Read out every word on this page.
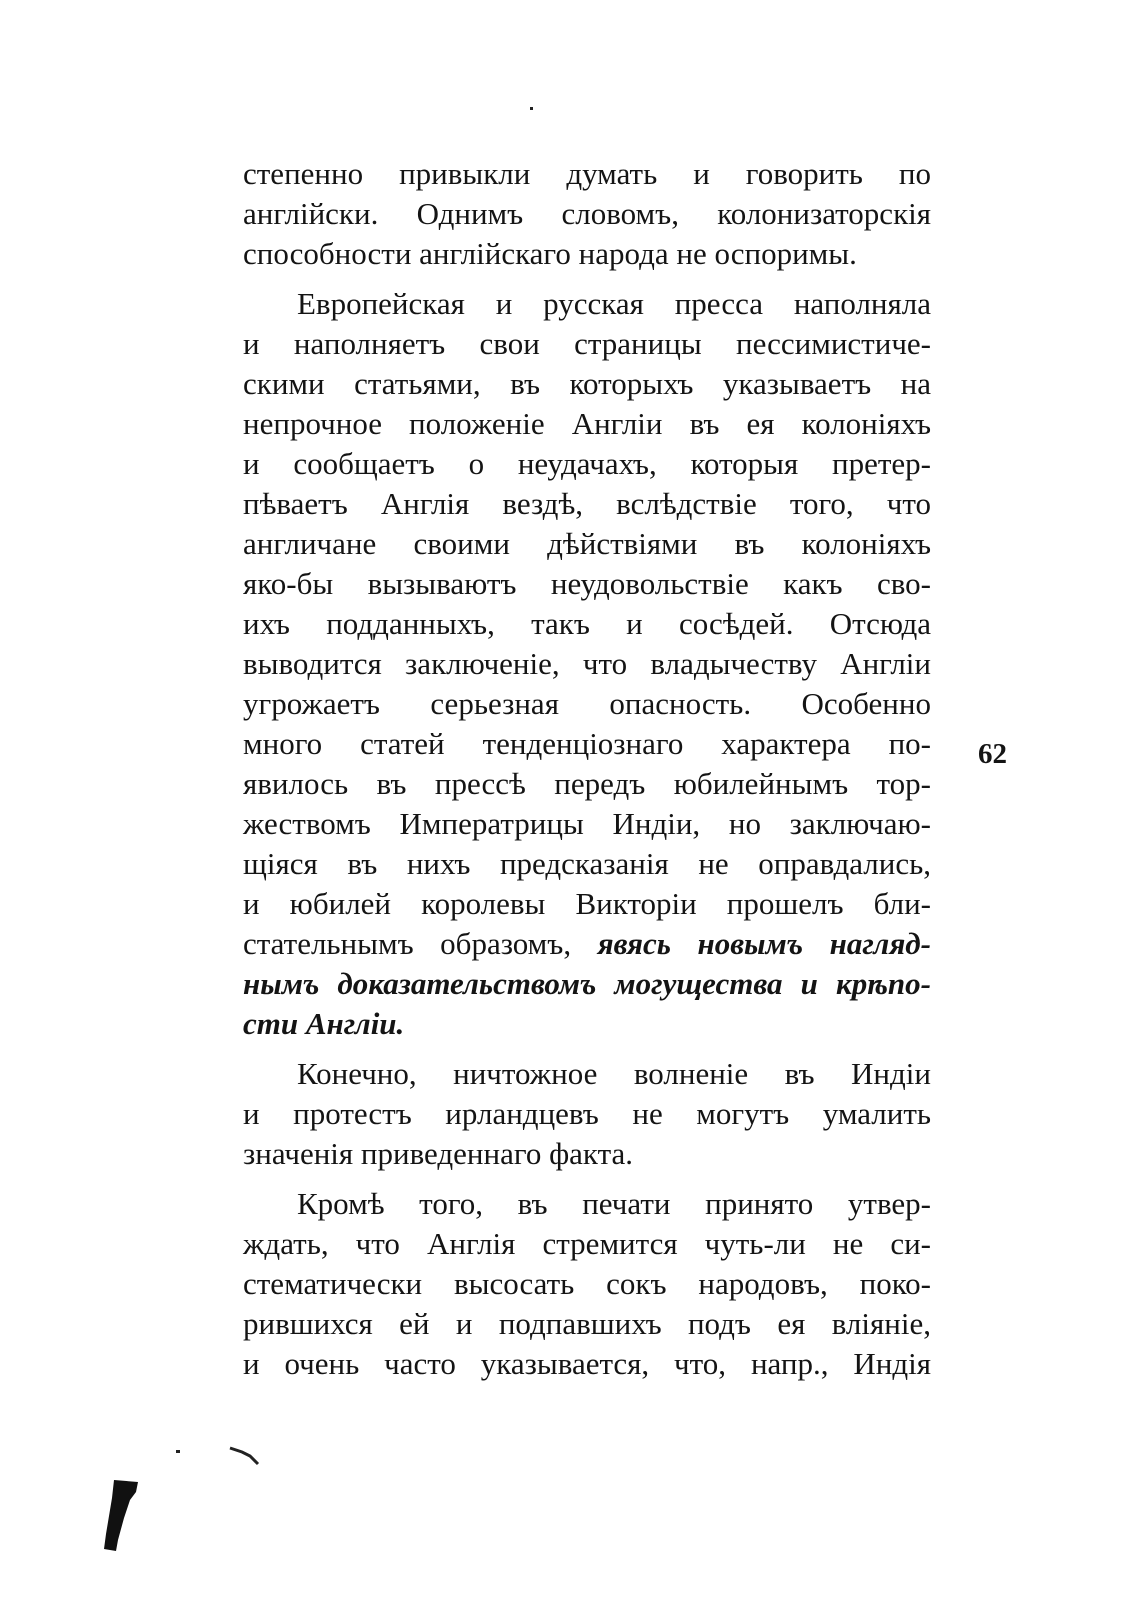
степенно привыкли думать и говорить по
англійски. Однимъ словомъ, колонизаторскія
способности англійскаго народа не оспоримы.
Европейская и русская пресса наполняла
и наполняетъ свои страницы пессимистиче-
скими статьями, въ которыхъ указываетъ на
непрочное положеніе Англіи въ ея колоніяхъ
и сообщаетъ о неудачахъ, которыя претер-
пѣваетъ Англія вездѣ, вслѣдствіе того, что
англичане своими дѣйствіями въ колоніяхъ
яко-бы вызываютъ неудовольствіе какъ сво-
ихъ подданныхъ, такъ и сосѣдей. Отсюда
выводится заключеніе, что владычеству Англіи
угрожаетъ серьезная опасность. Особенно
много статей тенденціознаго характера по-
явилось въ прессѣ передъ юбилейнымъ тор-
жествомъ Императрицы Индіи, но заключаю-
щіяся въ нихъ предсказанія не оправдались,
и юбилей королевы Викторіи прошелъ бли-
стательнымъ образомъ, явясь новымъ нагляд-
нымъ доказательствомъ могущества и крѣпо-
сти Англіи.
Конечно, ничтожное волненіе въ Индіи
и протестъ ирландцевъ не могутъ умалить
значенія приведеннаго факта.
Кромѣ того, въ печати принято утвер-
ждать, что Англія стремится чуть-ли не си-
стематически высосать сокъ народовъ, поко-
рившихся ей и подпавшихъ подъ ея вліяніе,
и очень часто указывается, что, напр., Индія
62
